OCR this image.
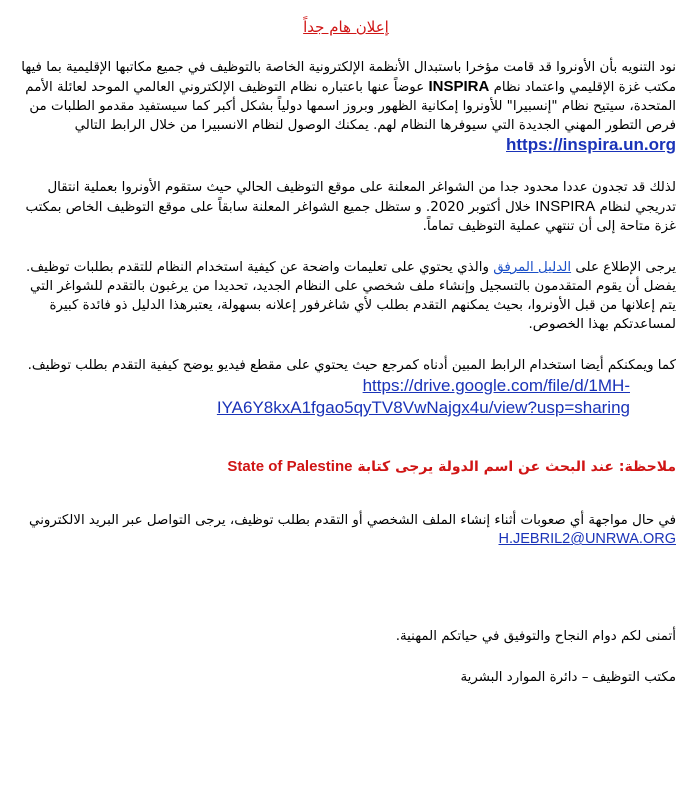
إعلان هام جداً

نود التنويه بأن الأونروا قد قامت مؤخرا باستبدال الأنظمة الإلكترونية الخاصة بالتوظيف في جميع مكاتبها الإقليمية بما فيها مكتب غزة الإقليمي واعتماد نظام INSPIRA عوضاً عنها باعتباره نظام التوظيف الإلكتروني العالمي الموحد لعائلة الأمم المتحدة، سيتيح نظام "إنسبيرا" للأونروا إمكانية الظهور وبروز اسمها دولياً بشكل أكبر كما سيستفيد مقدمو الطلبات من فرص التطور المهني الجديدة التي سيوفرها النظام لهم. يمكنك الوصول لنظام الانسبيرا من خلال الرابط التالي https://inspira.un.org

لذلك قد تجدون عددا محدود جدا من الشواغر المعلنة على موقع التوظيف الحالي حيث ستقوم الأونروا بعملية انتقال تدريجي لنظام INSPIRA خلال أكتوبر 2020. و ستظل جميع الشواغر المعلنة سابقاً على موقع التوظيف الخاص بمكتب غزة متاحة إلى أن تنتهي عملية التوظيف تماماً.

يرجى الإطلاع على الدليل المرفق والذي يحتوي على تعليمات واضحة عن كيفية استخدام النظام للتقدم بطلبات توظيف. يفضل أن يقوم المتقدمون بالتسجيل وإنشاء ملف شخصي على النظام الجديد، تحديدا من يرغبون بالتقدم للشواغر التي يتم إعلانها من قبل الأونروا، بحيث يمكنهم التقدم بطلب لأي شاغرفور إعلانه بسهولة، يعتبرهذا الدليل ذو فائدة كبيرة لمساعدتكم بهذا الخصوص.

كما ويمكنكم أيضا استخدام الرابط المبين أدناه كمرجع حيث يحتوي على مقطع فيديو يوضح كيفية التقدم بطلب توظيف.

https://drive.google.com/file/d/1MH-
IYA6Y8kxA1fgao5qyTV8VwNajgx4u/view?usp=sharing

ملاحظة: عند البحث عن اسم الدولة يرجى كتابة State of Palestine

في حال مواجهة أي صعوبات أثناء إنشاء الملف الشخصي أو التقدم بطلب توظيف، يرجى التواصل عبر البريد الالكتروني H.JEBRIL2@UNRWA.ORG

أتمنى لكم دوام النجاح والتوفيق في حياتكم المهنية.

مكتب التوظيف – دائرة الموارد البشرية
